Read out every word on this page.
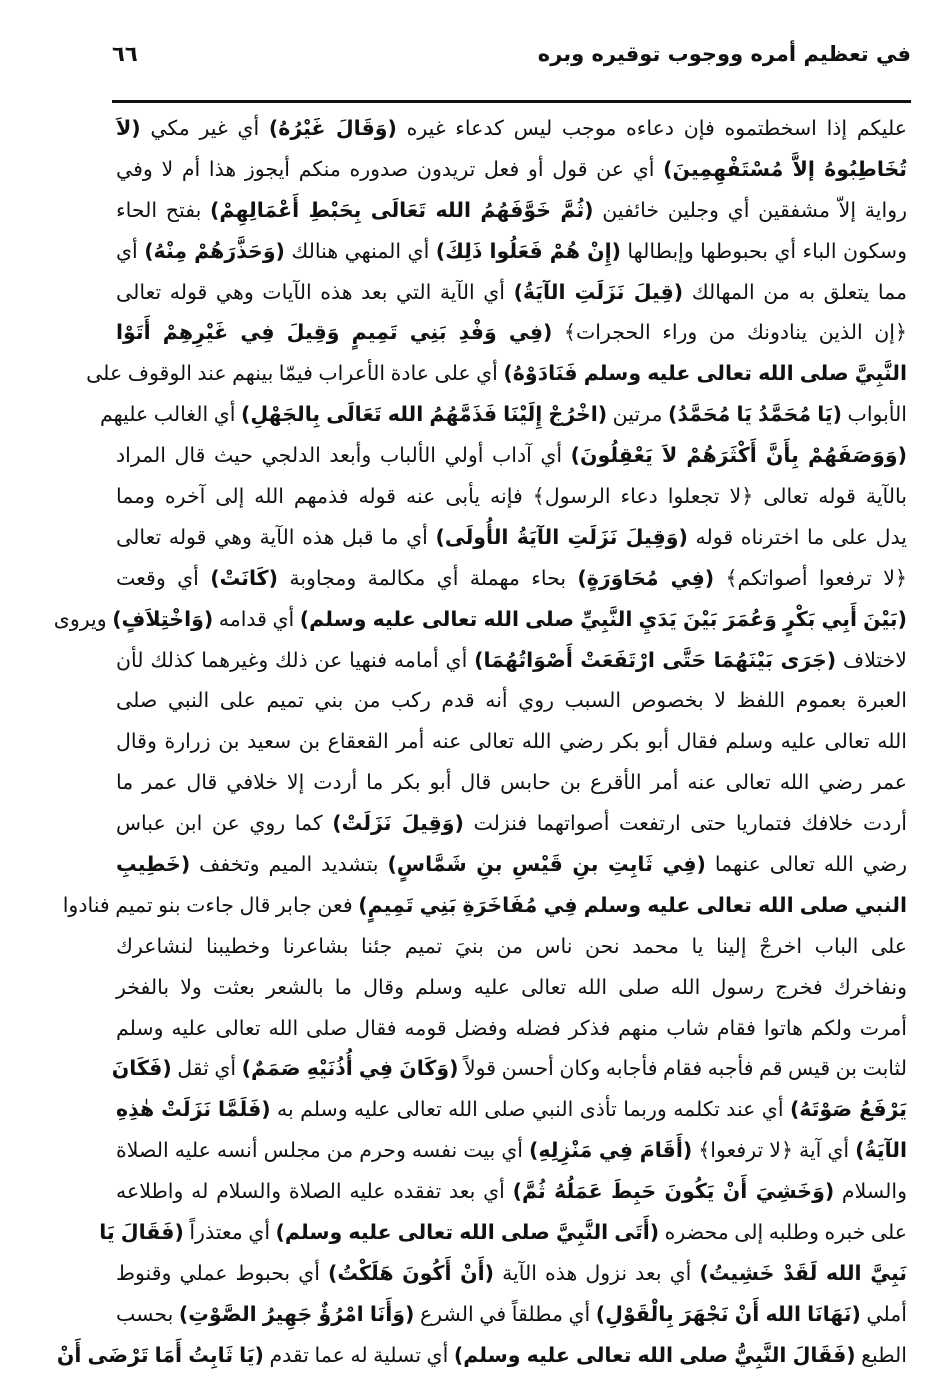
في تعظيم أمره ووجوب توقيره وبره
٦٦
عليكم إذا اسخطتموه فإن دعاءه موجب ليس كدعاء غيره (وَقَالَ غَيْرُهُ) أي غير مكي (لاَ
تُخَاطِبُوهُ إلاَّ مُسْتَفْهِمِينَ) أي عن قول أو فعل تريدون صدوره منكم أيجوز هذا أم لا وفي
رواية إلاّ مشفقين أي وجلين خائفين (ثُمَّ خَوَّفَهُمُ الله تَعَالَى بِحَبْطِ أَعْمَالِهِمْ) بفتح الحاء
وسكون الباء أي بحبوطها وإبطالها (إِنْ هُمْ فَعَلُوا ذَلِكَ) أي المنهي هنالك (وَحَذَّرَهُمْ مِنْهُ) أي
مما يتعلق به من المهالك (قِيلَ نَزَلَتِ الآيَةُ) أي الآية التي بعد هذه الآيات وهي قوله تعالى
﴿إن الذين ينادونك من وراء الحجرات﴾ (فِي وَفْدِ بَنِي تَمِيمٍ وَقِيلَ فِي غَيْرِهِمْ أَتَوْا
النَّبِيَّ صلى الله تعالى عليه وسلم فَنَادَوْهُ) أي على عادة الأعراب فيمّا بينهم عند الوقوف على
الأبواب (يَا مُحَمَّدُ يَا مُحَمَّدُ) مرتين (اخْرُجْ إِلَيْنَا فَذَمَّهُمُ الله تَعَالَى بِالجَهْلِ) أي الغالب عليهم
(وَوَصَفَهُمْ بِأَنَّ أَكْثَرَهُمْ لاَ يَعْقِلُونَ) أي آداب أولي الألباب وأبعد الدلجي حيث قال المراد
بالآية قوله تعالى ﴿لا تجعلوا دعاء الرسول﴾ فإنه يأبى عنه قوله فذمهم الله إلى آخره ومما
يدل على ما اخترناه قوله (وَقِيلَ نَزَلَتِ الآيَةُ الأُولَى) أي ما قبل هذه الآية وهي قوله تعالى
﴿لا ترفعوا أصواتكم﴾ (فِي مُحَاوَرَةٍ) بحاء مهملة أي مكالمة ومجاوبة (كَانَتْ) أي وقعت
(بَيْنَ أَبِي بَكْرٍ وَعُمَرَ بَيْنَ يَدَيِ النَّبِيِّ صلى الله تعالى عليه وسلم) أي قدامه (وَاخْتِلاَفٍ) ويروى
لاختلاف (جَرَى بَيْنَهُمَا حَتَّى ارْتَفَعَتْ أَصْوَاتُهُمَا) أي أمامه فنهيا عن ذلك وغيرهما كذلك لأن
العبرة بعموم اللفظ لا بخصوص السبب روي أنه قدم ركب من بني تميم على النبي صلى
الله تعالى عليه وسلم فقال أبو بكر رضي الله تعالى عنه أمر القعقاع بن سعيد بن زرارة وقال
عمر رضي الله تعالى عنه أمر الأقرع بن حابس قال أبو بكر ما أردت إلا خلافي قال عمر ما
أردت خلافك فتماريا حتى ارتفعت أصواتهما فنزلت (وَقِيلَ نَزَلَتْ) كما روي عن ابن عباس
رضي الله تعالى عنهما (فِي ثَابِتِ بنِ قَيْسِ بنِ شَمَّاسٍ) بتشديد الميم وتخفف (خَطِيبِ
النبي صلى الله تعالى عليه وسلم فِي مُفَاخَرَةِ بَنِي تَمِيمٍ) فعن جابر قال جاءت بنو تميم فنادوا
على الباب اخرجْ إلينا يا محمد نحن ناس من بنيَ تميم جئنا بشاعرنا وخطيبنا لنشاعرك
ونفاخرك فخرج رسول الله صلى الله تعالى عليه وسلم وقال ما بالشعر بعثت ولا بالفخر
أمرت ولكم هاتوا فقام شاب منهم فذكر فضله وفضل قومه فقال صلى الله تعالى عليه وسلم
لثابت بن قيس قم فأجبه فقام فأجابه وكان أحسن قولاً (وَكَانَ فِي أُذُنَيْهِ صَمَمٌ) أي ثقل (فَكَانَ
يَرْفَعُ صَوْتَهُ) أي عند تكلمه وربما تأذى النبي صلى الله تعالى عليه وسلم به (فَلَمَّا نَزَلَتْ هٰذِهِ
الآيَةُ) أي آية ﴿لا ترفعوا﴾ (أَقَامَ فِي مَنْزِلِهِ) أي بيت نفسه وحرم من مجلس أنسه عليه الصلاة
والسلام (وَخَشِيَ أَنْ يَكُونَ حَبِطَ عَمَلُهُ ثُمَّ) أي بعد تفقده عليه الصلاة والسلام له واطلاعه
على خبره وطلبه إلى محضره (أَتَى النَّبِيَّ صلى الله تعالى عليه وسلم) أي معتذراً (فَقَالَ يَا
نَبِيَّ الله لَقَدْ خَشِيتُ) أي بعد نزول هذه الآية (أَنْ أَكُونَ هَلَكْتُ) أي بحبوط عملي وقنوط
أملي (نَهَانَا الله أَنْ نَجْهَرَ بِالْقَوْلِ) أي مطلقاً في الشرع (وَأَنَا امْرُؤٌ جَهِيرُ الصَّوْتِ) بحسب
الطبع (فَقَالَ النَّبِيُّ صلى الله تعالى عليه وسلم) أي تسلية له عما تقدم (يَا ثَابِتُ أَمَا تَرْضَى أَنْ
